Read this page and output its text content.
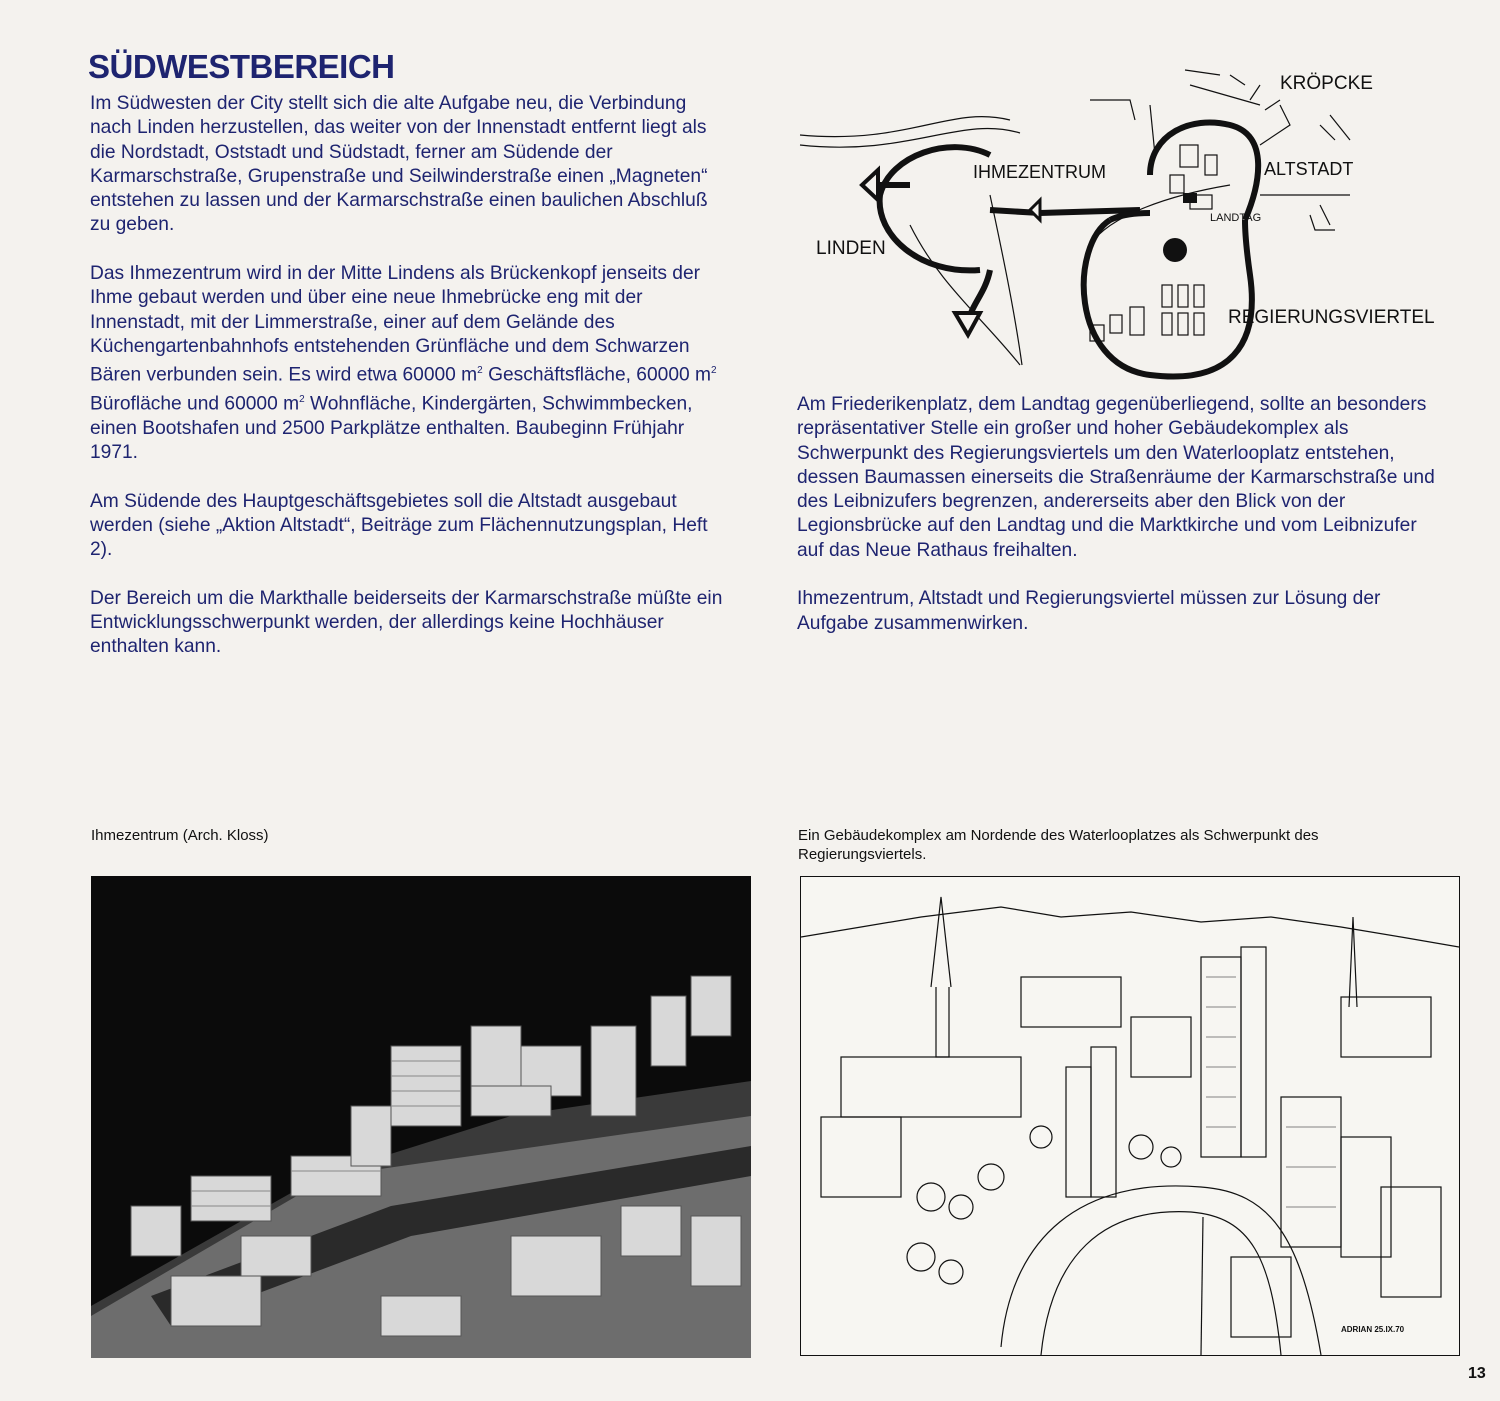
SÜDWESTBEREICH

Im Südwesten der City stellt sich die alte Aufgabe neu, die Verbindung nach Linden herzustellen, das weiter von der Innenstadt entfernt liegt als die Nordstadt, Oststadt und Südstadt, ferner am Südende der Karmarschstraße, Grupenstraße und Seilwinderstraße einen „Magneten“ entstehen zu lassen und der Karmarschstraße einen baulichen Abschluß zu geben.

Das Ihmezentrum wird in der Mitte Lindens als Brückenkopf jenseits der Ihme gebaut werden und über eine neue Ihmebrücke eng mit der Innenstadt, mit der Limmerstraße, einer auf dem Gelände des Küchengartenbahnhofs entstehenden Grünfläche und dem Schwarzen Bären verbunden sein. Es wird etwa 60000 $m^2$ Geschäftsfläche, 60000 $m^2$ Bürofläche und 60000 $m^2$ Wohnfläche, Kindergärten, Schwimmbecken, einen Bootshafen und 2500 Parkplätze enthalten. Baubeginn Frühjahr 1971.

Am Südende des Hauptgeschäftsgebietes soll die Altstadt ausgebaut werden (siehe „Aktion Altstadt“, Beiträge zum Flächennutzungsplan, Heft 2).

Der Bereich um die Markthalle beiderseits der Karmarschstraße müßte ein Entwicklungsschwerpunkt werden, der allerdings keine Hochhäuser enthalten kann.

Am Friederikenplatz, dem Landtag gegenüberliegend, sollte an besonders repräsentativer Stelle ein großer und hoher Gebäudekomplex als Schwerpunkt des Regierungsviertels um den Waterlooplatz entstehen, dessen Baumassen einerseits die Straßenräume der Karmarschstraße und des Leibnizufers begrenzen, andererseits aber den Blick von der Legionsbrücke auf den Landtag und die Marktkirche und vom Leibnizufer auf das Neue Rathaus freihalten.

Ihmezentrum, Altstadt und Regierungsviertel müssen zur Lösung der Aufgabe zusammenwirken.

KRÖPCKE
IHMEZENTRUM	ALTSTADT
LANDTAG
LINDEN
REGIERUNGSVIERTEL
Ihmezentrum (Arch. Kloss)	Ein Gebäudekomplex am Nordende des Waterlooplatzes als Schwerpunkt des Regierungsviertels.
ADRIAN 25.IX.70
13
